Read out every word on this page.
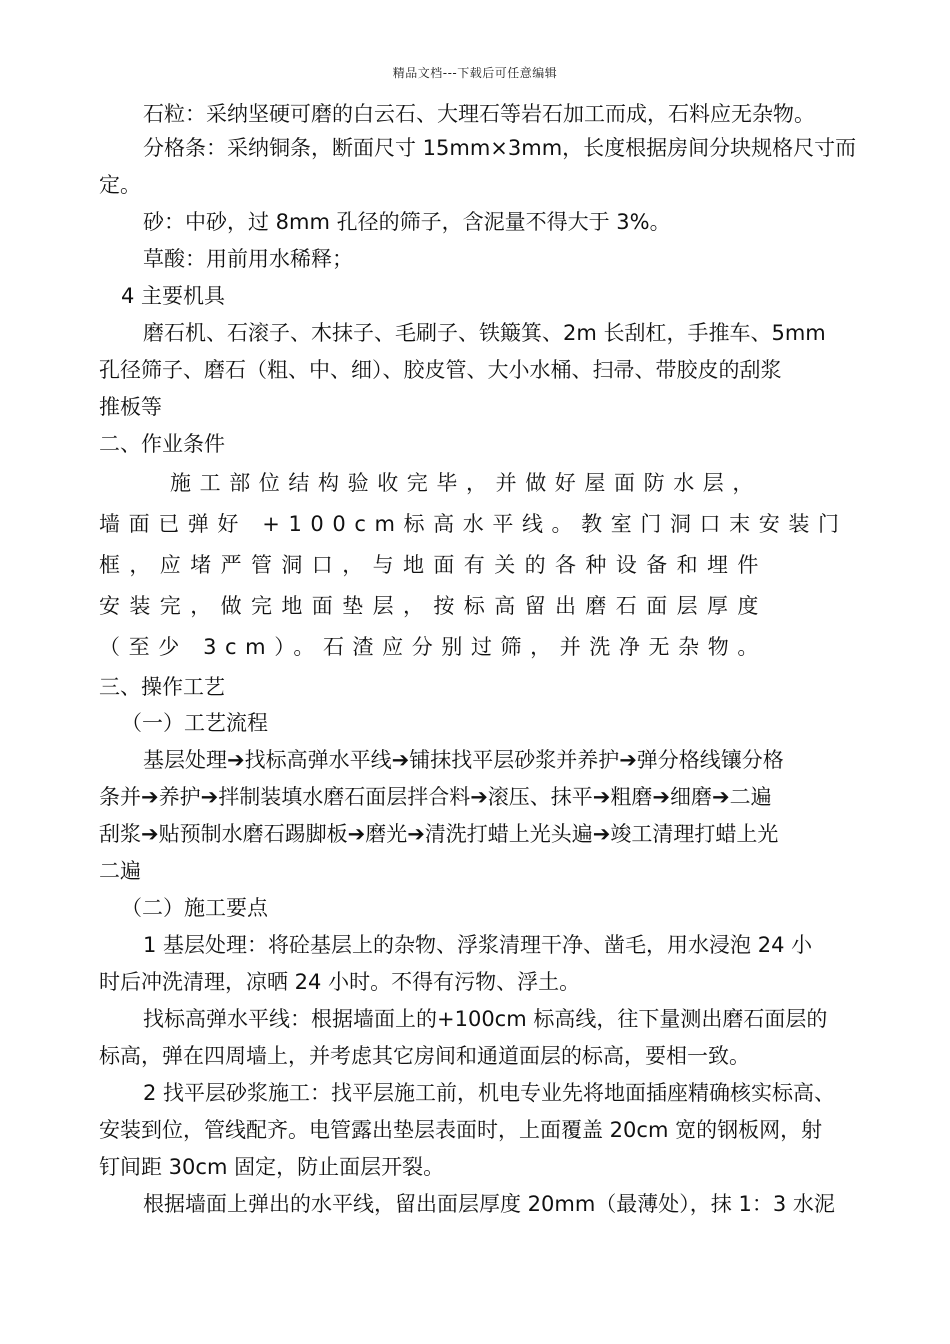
精品文档---下载后可任意编辑
石粒：采纳坚硬可磨的白云石、大理石等岩石加工而成，石料应无杂物。
分格条：采纳铜条，断面尺寸 15mm×3mm，长度根据房间分块规格尺寸而
定。
砂：中砂，过 8mm 孔径的筛子，含泥量不得大于 3%。
草酸：用前用水稀释；
4 主要机具
磨石机、石滚子、木抹子、毛刷子、铁簸箕、2m 长刮杠，手推车、5mm
孔径筛子、磨石（粗、中、细）、胶皮管、大小水桶、扫帚、带胶皮的刮浆
推板等
二、作业条件
施工部位结构验收完毕，并做好屋面防水层，
墙面已弹好 +100cm标高水平线。教室门洞口末安装门
框，应堵严管洞口，与地面有关的各种设备和埋件
安装完，做完地面垫层，按标高留出磨石面层厚度
（至少 3cm）。石渣应分别过筛，并洗净无杂物。
三、操作工艺
（一）工艺流程
基层处理➔找标高弹水平线➔铺抹找平层砂浆并养护➔弹分格线镶分格
条并➔养护➔拌制装填水磨石面层拌合料➔滚压、抹平➔粗磨➔细磨➔二遍
刮浆➔贴预制水磨石踢脚板➔磨光➔清洗打蜡上光头遍➔竣工清理打蜡上光
二遍
（二）施工要点
1 基层处理：将砼基层上的杂物、浮浆清理干净、凿毛，用水浸泡 24 小
时后冲洗清理，凉晒 24 小时。不得有污物、浮土。
找标高弹水平线：根据墙面上的+100cm 标高线，往下量测出磨石面层的
标高，弹在四周墙上，并考虑其它房间和通道面层的标高，要相一致。
2 找平层砂浆施工：找平层施工前，机电专业先将地面插座精确核实标高、
安装到位，管线配齐。电管露出垫层表面时，上面覆盖 20cm 宽的钢板网，射
钉间距 30cm 固定，防止面层开裂。
根据墙面上弹出的水平线，留出面层厚度 20mm（最薄处），抹 1：3 水泥
